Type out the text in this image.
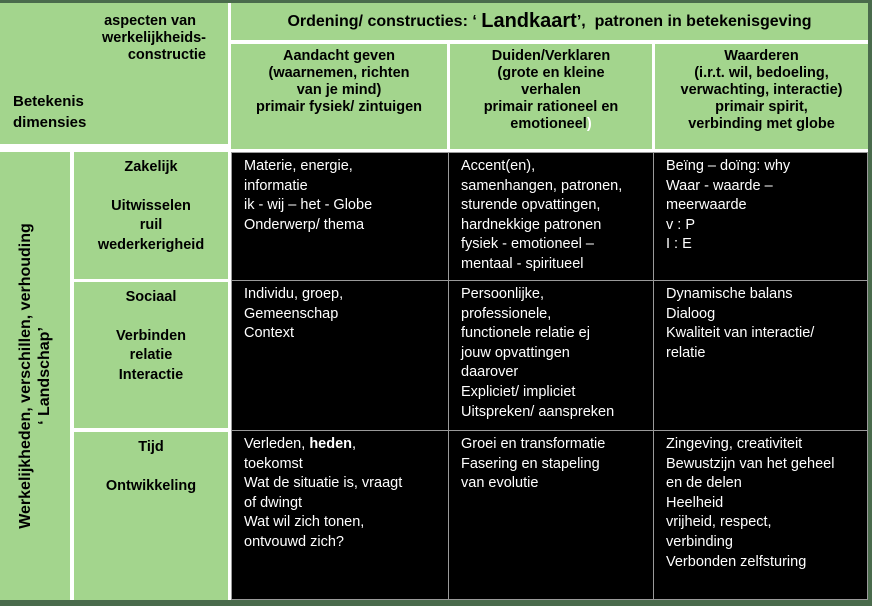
aspecten van
werkelijkheids-
constructie
Betekenis
dimensies
Ordening/ constructies: ‘ Landkaart ’,  patronen in betekenisgeving
Aandacht geven
(waarnemen, richten
van je mind)
primair fysiek/ zintuigen
Duiden/Verklaren
(grote en kleine
verhalen
primair rationeel en
emotioneel)
Waarderen
(i.r.t. wil, bedoeling,
verwachting, interactie)
primair spirit,
verbinding met globe
Werkelijkheden, verschillen, verhouding ‘ Landschap’
Zakelijk
Uitwisselen
ruil
wederkerigheid
Materie, energie,
informatie
ik - wij – het - Globe
Onderwerp/ thema
Accent(en),
samenhangen, patronen,
sturende opvattingen,
hardnekkige patronen
fysiek - emotioneel –
mentaal - spiritueel
Beïng – doïng: why
Waar - waarde –
meerwaarde
v : P
I : E
Sociaal
Verbinden
relatie
Interactie
Individu, groep,
Gemeenschap
Context
Persoonlijke,
professionele,
functionele relatie ej
jouw opvattingen
daarover
Expliciet/ impliciet
Uitspreken/ aanspreken
Dynamische balans
Dialoog
Kwaliteit van interactie/
relatie
Tijd
Ontwikkeling
Verleden, heden,
toekomst
Wat de situatie is, vraagt
of dwingt
Wat wil zich tonen,
ontvouwd zich?
Groei en transformatie
Fasering en stapeling
van evolutie
Zingeving, creativiteit
Bewustzijn van het geheel
en de delen
Heelheid
vrijheid, respect,
verbinding
Verbonden zelfsturing
